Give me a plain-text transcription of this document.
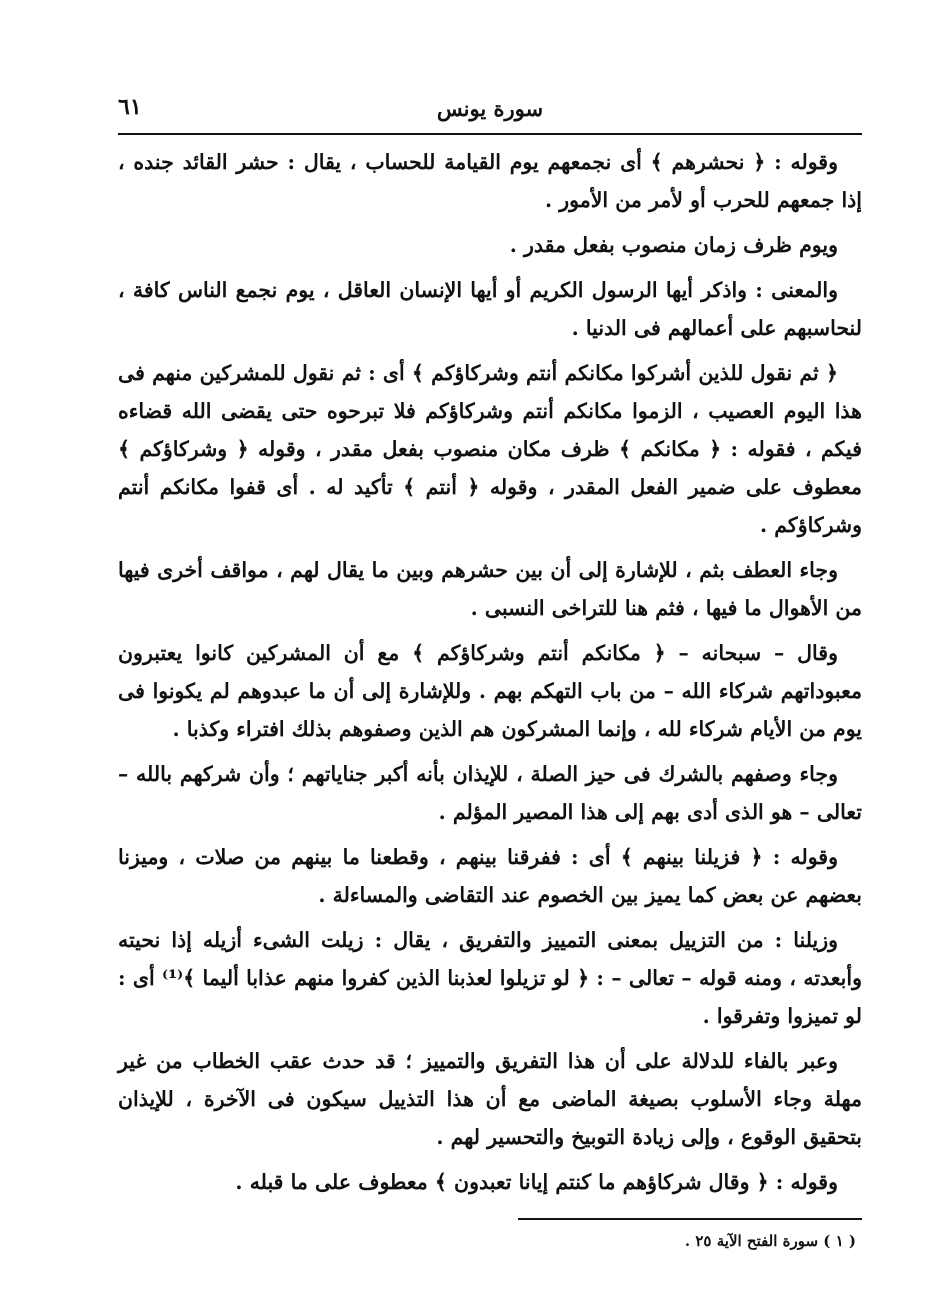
سورة يونس
٦١

وقوله : ﴿ نحشرهم ﴾ أى نجمعهم يوم القيامة للحساب ، يقال : حشر القائد جنده ، إذا جمعهم للحرب أو لأمر من الأمور .

ويوم ظرف زمان منصوب بفعل مقدر .

والمعنى : واذكر أيها الرسول الكريم أو أيها الإنسان العاقل ، يوم نجمع الناس كافة ، لنحاسبهم على أعمالهم فى الدنيا .

﴿ ثم نقول للذين أشركوا مكانكم أنتم وشركاؤكم ﴾ أى : ثم نقول للمشركين منهم فى هذا اليوم العصيب ، الزموا مكانكم أنتم وشركاؤكم فلا تبرحوه حتى يقضى الله قضاءه فيكم ، فقوله : ﴿ مكانكم ﴾ ظرف مكان منصوب بفعل مقدر ، وقوله ﴿ وشركاؤكم ﴾ معطوف على ضمير الفعل المقدر ، وقوله ﴿ أنتم ﴾ تأكيد له . أى قفوا مكانكم أنتم وشركاؤكم .

وجاء العطف بثم ، للإشارة إلى أن بين حشرهم وبين ما يقال لهم ، مواقف أخرى فيها من الأهوال ما فيها ، فثم هنا للتراخى النسبى .

وقال – سبحانه – ﴿ مكانكم أنتم وشركاؤكم ﴾ مع أن المشركين كانوا يعتبرون معبوداتهم شركاء الله – من باب التهكم بهم . وللإشارة إلى أن ما عبدوهم لم يكونوا فى يوم من الأيام شركاء لله ، وإنما المشركون هم الذين وصفوهم بذلك افتراء وكذبا .

وجاء وصفهم بالشرك فى حيز الصلة ، للإيذان بأنه أكبر جناياتهم ؛ وأن شركهم بالله – تعالى – هو الذى أدى بهم إلى هذا المصير المؤلم .

وقوله : ﴿ فزيلنا بينهم ﴾ أى : ففرقنا بينهم ، وقطعنا ما بينهم من صلات ، وميزنا بعضهم عن بعض كما يميز بين الخصوم عند التقاضى والمساءلة .

وزيلنا : من التزييل بمعنى التمييز والتفريق ، يقال : زيلت الشىء أزيله إذا نحيته وأبعدته ، ومنه قوله – تعالى – : ﴿ لو تزيلوا لعذبنا الذين كفروا منهم عذابا أليما ﴾⁽¹⁾ أى : لو تميزوا وتفرقوا .

وعبر بالفاء للدلالة على أن هذا التفريق والتمييز ؛ قد حدث عقب الخطاب من غير مهلة وجاء الأسلوب بصيغة الماضى مع أن هذا التذييل سيكون فى الآخرة ، للإيذان بتحقيق الوقوع ، وإلى زيادة التوبيخ والتحسير لهم .

وقوله : ﴿ وقال شركاؤهم ما كنتم إيانا تعبدون ﴾ معطوف على ما قبله .

( ١ ) سورة الفتح الآية ٢٥ .
